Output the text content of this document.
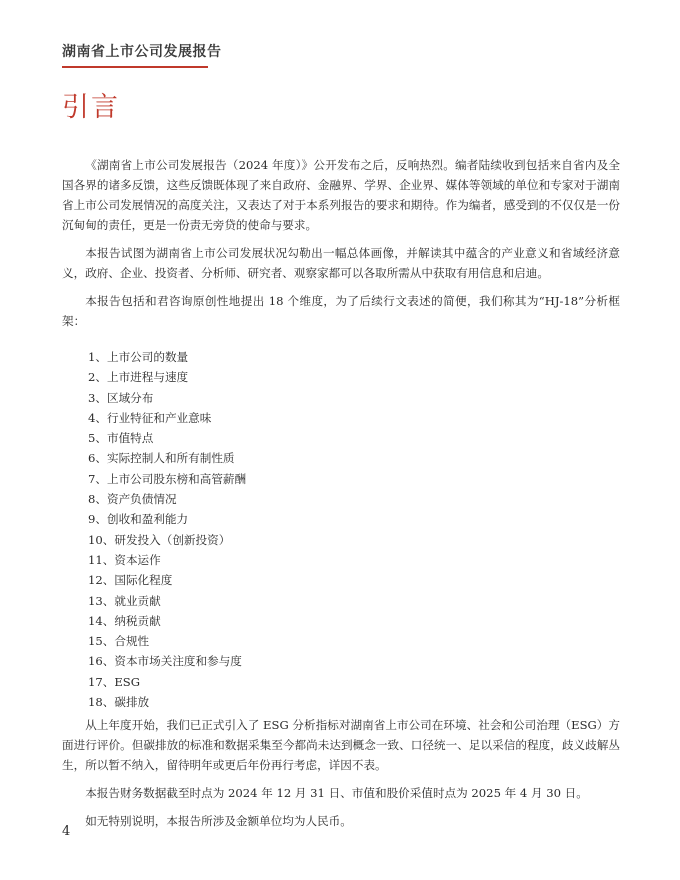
湖南省上市公司发展报告
引言

《湖南省上市公司发展报告（2024 年度）》公开发布之后，反响热烈。编者陆续收到包括来自省内及全国各界的诸多反馈，这些反馈既体现了来自政府、金融界、学界、企业界、媒体等领域的单位和专家对于湖南省上市公司发展情况的高度关注，又表达了对于本系列报告的要求和期待。作为编者，感受到的不仅仅是一份沉甸甸的责任，更是一份责无旁贷的使命与要求。

本报告试图为湖南省上市公司发展状况勾勒出一幅总体画像，并解读其中蕴含的产业意义和省域经济意义，政府、企业、投资者、分析师、研究者、观察家都可以各取所需从中获取有用信息和启迪。

本报告包括和君咨询原创性地提出 18 个维度，为了后续行文表述的简便，我们称其为“HJ-18”分析框架：

1、上市公司的数量
2、上市进程与速度
3、区域分布
4、行业特征和产业意味
5、市值特点
6、实际控制人和所有制性质
7、上市公司股东榜和高管薪酬
8、资产负债情况
9、创收和盈利能力
10、研发投入（创新投资）
11、资本运作
12、国际化程度
13、就业贡献
14、纳税贡献
15、合规性
16、资本市场关注度和参与度
17、ESG
18、碳排放

从上年度开始，我们已正式引入了 ESG 分析指标对湖南省上市公司在环境、社会和公司治理（ESG）方面进行评价。但碳排放的标准和数据采集至今都尚未达到概念一致、口径统一、足以采信的程度，歧义歧解丛生，所以暂不纳入，留待明年或更后年份再行考虑，详因不表。

本报告财务数据截至时点为 2024 年 12 月 31 日、市值和股价采值时点为 2025 年 4 月 30 日。

如无特别说明，本报告所涉及金额单位均为人民币。

4
